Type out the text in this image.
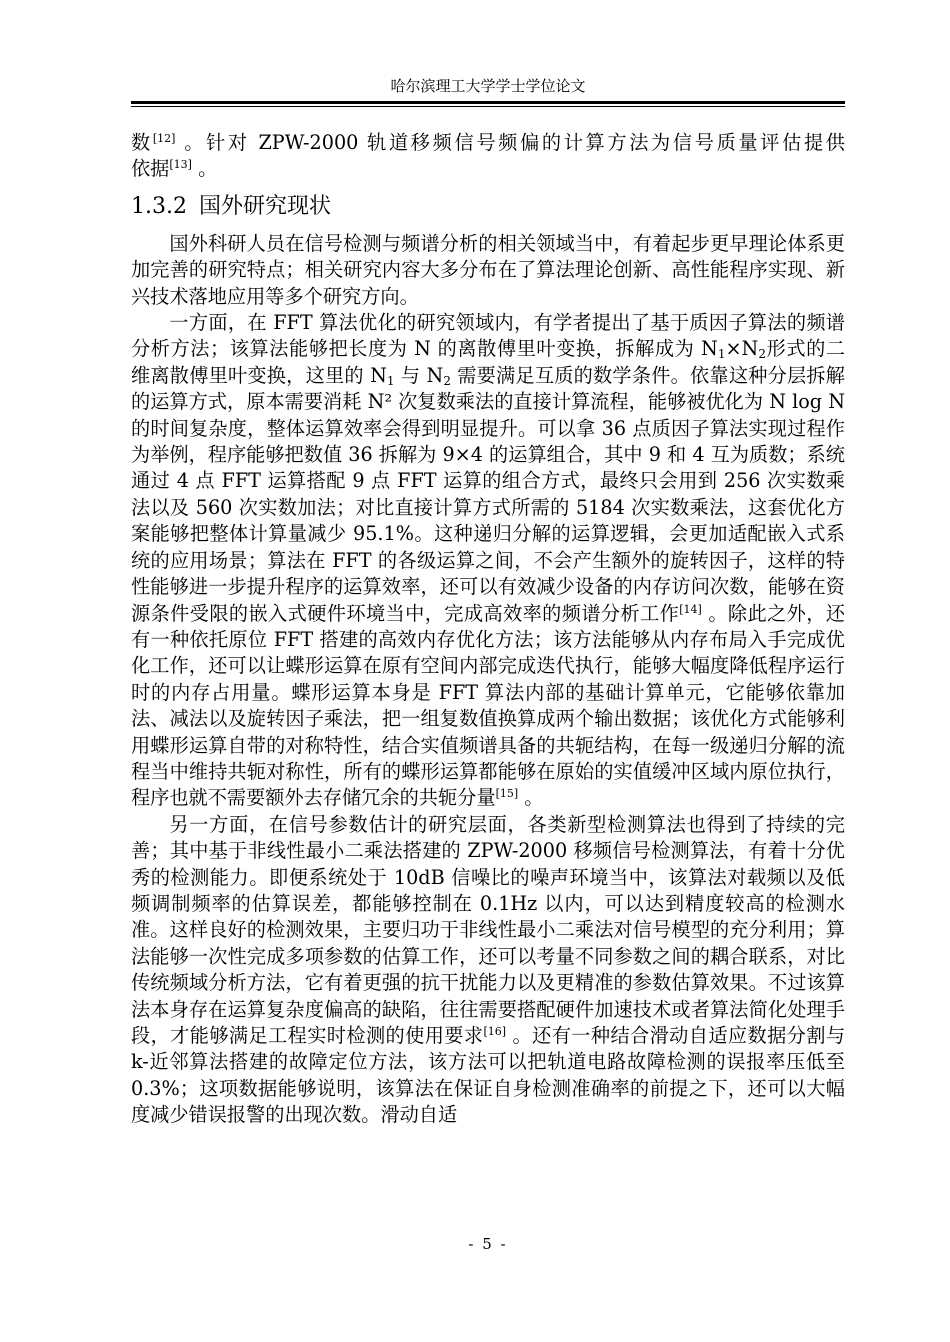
哈尔滨理工大学学士学位论文

数[12] 。针对 ZPW-2000 轨道移频信号频偏的计算方法为信号质量评估提供
依据[13] 。

1.3.2 国外研究现状

国外科研人员在信号检测与频谱分析的相关领域当中，有着起步更早理论体系更加完善的研究特点；相关研究内容大多分布在了算法理论创新、高性能程序实现、新兴技术落地应用等多个研究方向。

一方面，在 FFT 算法优化的研究领域内，有学者提出了基于质因子算法的频谱分析方法；该算法能够把长度为 N 的离散傅里叶变换，拆解成为 $N_1\times N_2$形式的二维离散傅里叶变换，这里的 $N_1$ 与 $N_2$ 需要满足互质的数学条件。依靠这种分层拆解的运算方式，原本需要消耗 N² 次复数乘法的直接计算流程，能够被优化为 N log N 的时间复杂度，整体运算效率会得到明显提升。可以拿 36 点质因子算法实现过程作为举例，程序能够把数值 36 拆解为 9×4 的运算组合，其中 9 和 4 互为质数；系统通过 4 点 FFT 运算搭配 9 点 FFT 运算的组合方式，最终只会用到 256 次实数乘法以及 560 次实数加法；对比直接计算方式所需的 5184 次实数乘法，这套优化方案能够把整体计算量减少 95.1%。这种递归分解的运算逻辑，会更加适配嵌入式系统的应用场景；算法在 FFT 的各级运算之间，不会产生额外的旋转因子，这样的特性能够进一步提升程序的运算效率，还可以有效减少设备的内存访问次数，能够在资源条件受限的嵌入式硬件环境当中，完成高效率的频谱分析工作[14] 。除此之外，还有一种依托原位 FFT 搭建的高效内存优化方法；该方法能够从内存布局入手完成优化工作，还可以让蝶形运算在原有空间内部完成迭代执行，能够大幅度降低程序运行时的内存占用量。蝶形运算本身是 FFT 算法内部的基础计算单元，它能够依靠加法、减法以及旋转因子乘法，把一组复数值换算成两个输出数据；该优化方式能够利用蝶形运算自带的对称特性，结合实值频谱具备的共轭结构，在每一级递归分解的流程当中维持共轭对称性，所有的蝶形运算都能够在原始的实值缓冲区域内原位执行，程序也就不需要额外去存储冗余的共轭分量[15] 。

另一方面，在信号参数估计的研究层面，各类新型检测算法也得到了持续的完善；其中基于非线性最小二乘法搭建的 ZPW-2000 移频信号检测算法，有着十分优秀的检测能力。即便系统处于 10dB 信噪比的噪声环境当中，该算法对载频以及低频调制频率的估算误差，都能够控制在 0.1Hz 以内，可以达到精度较高的检测水准。这样良好的检测效果，主要归功于非线性最小二乘法对信号模型的充分利用；算法能够一次性完成多项参数的估算工作，还可以考量不同参数之间的耦合联系，对比传统频域分析方法，它有着更强的抗干扰能力以及更精准的参数估算效果。不过该算法本身存在运算复杂度偏高的缺陷，往往需要搭配硬件加速技术或者算法简化处理手段，才能够满足工程实时检测的使用要求[16] 。还有一种结合滑动自适应数据分割与 k-近邻算法搭建的故障定位方法，该方法可以把轨道电路故障检测的误报率压低至 0.3%；这项数据能够说明，该算法在保证自身检测准确率的前提之下，还可以大幅度减少错误报警的出现次数。滑动自适

- 5 -
